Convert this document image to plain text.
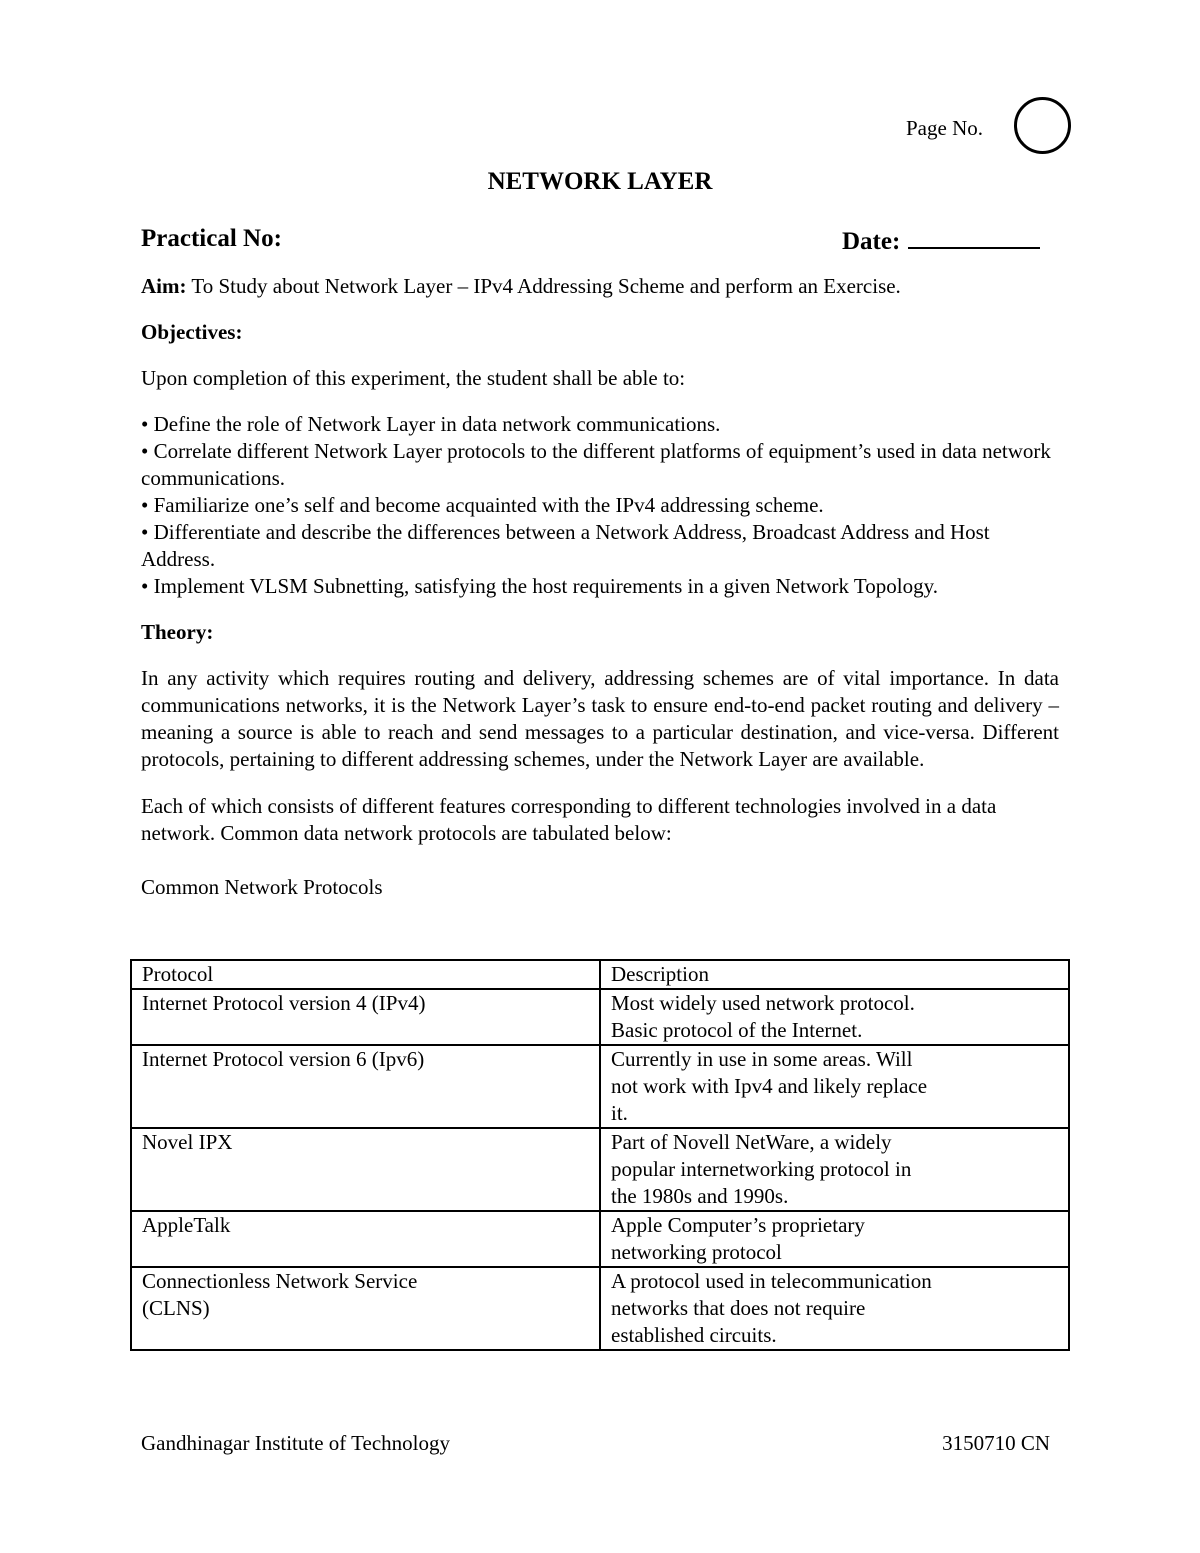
Page No.
NETWORK LAYER
Practical No:	Date:

Aim: To Study about Network Layer – IPv4 Addressing Scheme and perform an Exercise.

Objectives:

Upon completion of this experiment, the student shall be able to:

• Define the role of Network Layer in data network communications.
• Correlate different Network Layer protocols to the different platforms of equipment’s used in data network communications.
• Familiarize one’s self and become acquainted with the IPv4 addressing scheme.
• Differentiate and describe the differences between a Network Address, Broadcast Address and Host Address.
• Implement VLSM Subnetting, satisfying the host requirements in a given Network Topology.

Theory:

In any activity which requires routing and delivery, addressing schemes are of vital importance. In data communications networks, it is the Network Layer’s task to ensure end-to-end packet routing and delivery – meaning a source is able to reach and send messages to a particular destination, and vice-versa. Different protocols, pertaining to different addressing schemes, under the Network Layer are available.

Each of which consists of different features corresponding to different technologies involved in a data network. Common data network protocols are tabulated below:

Common Network Protocols

Protocol	Description
Internet Protocol version 4 (IPv4)	Most widely used network protocol. Basic protocol of the Internet.
Internet Protocol version 6 (Ipv6)	Currently in use in some areas. Will not work with Ipv4 and likely replace it.
Novel IPX	Part of Novell NetWare, a widely popular internetworking protocol in the 1980s and 1990s.
AppleTalk	Apple Computer’s proprietary networking protocol
Connectionless Network Service (CLNS)	A protocol used in telecommunication networks that does not require established circuits.
Gandhinagar Institute of Technology	3150710 CN
